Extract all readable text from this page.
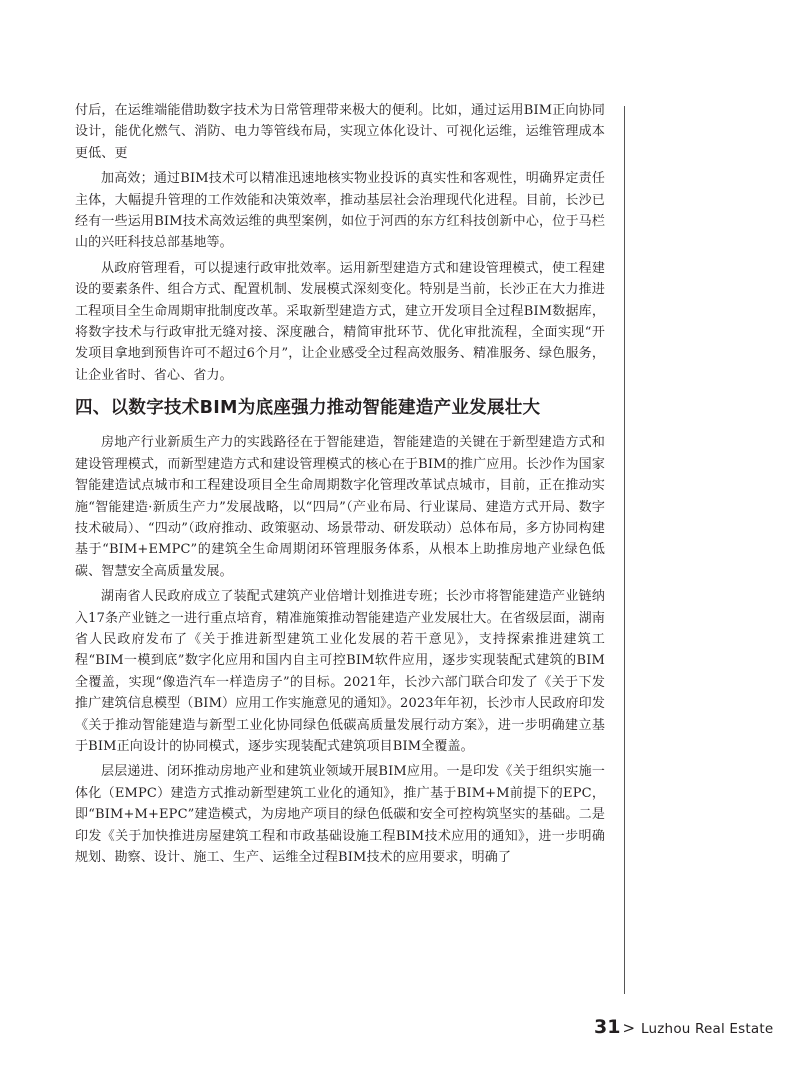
付后，在运维端能借助数字技术为日常管理带来极大的便利。比如，通过运用BIM正向协同设计，能优化燃气、消防、电力等管线布局，实现立体化设计、可视化运维，运维管理成本更低、更

加高效；通过BIM技术可以精准迅速地核实物业投诉的真实性和客观性，明确界定责任主体，大幅提升管理的工作效能和决策效率，推动基层社会治理现代化进程。目前，长沙已经有一些运用BIM技术高效运维的典型案例，如位于河西的东方红科技创新中心，位于马栏山的兴旺科技总部基地等。

从政府管理看，可以提速行政审批效率。运用新型建造方式和建设管理模式，使工程建设的要素条件、组合方式、配置机制、发展模式深刻变化。特别是当前，长沙正在大力推进工程项目全生命周期审批制度改革。采取新型建造方式，建立开发项目全过程BIM数据库，将数字技术与行政审批无缝对接、深度融合，精简审批环节、优化审批流程，全面实现“开发项目拿地到预售许可不超过6个月”，让企业感受全过程高效服务、精准服务、绿色服务，让企业省时、省心、省力。

四、以数字技术BIM为底座强力推动智能建造产业发展壮大

房地产行业新质生产力的实践路径在于智能建造，智能建造的关键在于新型建造方式和建设管理模式，而新型建造方式和建设管理模式的核心在于BIM的推广应用。长沙作为国家智能建造试点城市和工程建设项目全生命周期数字化管理改革试点城市，目前，正在推动实施“智能建造·新质生产力”发展战略，以“四局”（产业布局、行业谋局、建造方式开局、数字技术破局）、“四动”（政府推动、政策驱动、场景带动、研发联动）总体布局，多方协同构建基于“BIM+EMPC”的建筑全生命周期闭环管理服务体系，从根本上助推房地产业绿色低碳、智慧安全高质量发展。

湖南省人民政府成立了装配式建筑产业倍增计划推进专班；长沙市将智能建造产业链纳入17条产业链之一进行重点培育，精准施策推动智能建造产业发展壮大。在省级层面，湖南省人民政府发布了《关于推进新型建筑工业化发展的若干意见》，支持探索推进建筑工程“BIM一模到底”数字化应用和国内自主可控BIM软件应用，逐步实现装配式建筑的BIM全覆盖，实现“像造汽车一样造房子”的目标。2021年，长沙六部门联合印发了《关于下发推广建筑信息模型（BIM）应用工作实施意见的通知》。2023年年初，长沙市人民政府印发《关于推动智能建造与新型工业化协同绿色低碳高质量发展行动方案》，进一步明确建立基于BIM正向设计的协同模式，逐步实现装配式建筑项目BIM全覆盖。

层层递进、闭环推动房地产业和建筑业领域开展BIM应用。一是印发《关于组织实施一体化（EMPC）建造方式推动新型建筑工业化的通知》，推广基于BIM+M前提下的EPC，即“BIM+M+EPC”建造模式，为房地产项目的绿色低碳和安全可控构筑坚实的基础。二是印发《关于加快推进房屋建筑工程和市政基础设施工程BIM技术应用的通知》，进一步明确规划、勘察、设计、施工、生产、运维全过程BIM技术的应用要求，明确了

31 > Luzhou Real Estate
